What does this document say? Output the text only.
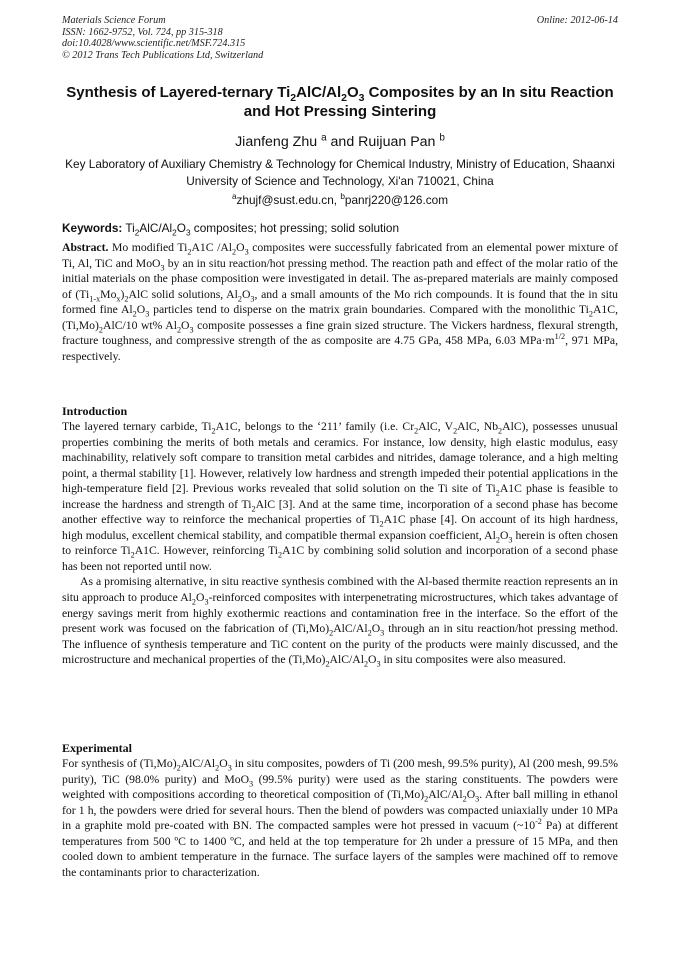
Materials Science Forum
ISSN: 1662-9752, Vol. 724, pp 315-318
doi:10.4028/www.scientific.net/MSF.724.315
© 2012 Trans Tech Publications Ltd, Switzerland
Online: 2012-06-14
Synthesis of Layered-ternary $Ti_2AlC/Al_2O_3$ Composites by an In situ Reaction and Hot Pressing Sintering
Jianfeng Zhu $^a$ and Ruijuan Pan $^b$
Key Laboratory of Auxiliary Chemistry & Technology for Chemical Industry, Ministry of Education, Shaanxi University of Science and Technology, Xi'an 710021, China
$^a$zhujf@sust.edu.cn, $^b$panrj220@126.com
Keywords: $Ti_2AlC/Al_2O_3$ composites; hot pressing; solid solution
Abstract. Mo modified $Ti_2A1C$ $/Al_2O_3$ composites were successfully fabricated from an elemental power mixture of Ti, Al, TiC and MoO$_3$ by an in situ reaction/hot pressing method. The reaction path and effect of the molar ratio of the initial materials on the phase composition were investigated in detail. The as-prepared materials are mainly composed of $(Ti_{1-x}Mo_x)_2AlC$ solid solutions, $Al_2O_3$, and a small amounts of the Mo rich compounds. It is found that the in situ formed fine $Al_2O_3$ particles tend to disperse on the matrix grain boundaries. Compared with the monolithic $Ti_2A1C$, $(Ti,Mo)_2AlC/10$ wt% $Al_2O_3$ composite possesses a fine grain sized structure. The Vickers hardness, flexural strength, fracture toughness, and compressive strength of the as composite are 4.75 GPa, 458 MPa, 6.03 $MPa\cdot m^{1/2}$, 971 MPa, respectively.
Introduction

The layered ternary carbide, $Ti_2A1C$, belongs to the ‘211’ family (i.e. $Cr_2AlC$, $V_2AlC$, $Nb_2AlC$), possesses unusual properties combining the merits of both metals and ceramics. For instance, low density, high elastic modulus, easy machinability, relatively soft compare to transition metal carbides and nitrides, damage tolerance, and a high melting point, a thermal stability [1]. However, relatively low hardness and strength impeded their potential applications in the high-temperature field [2]. Previous works revealed that solid solution on the Ti site of $Ti_2A1C$ phase is feasible to increase the hardness and strength of $Ti_2AlC$ [3]. And at the same time, incorporation of a second phase has become another effective way to reinforce the mechanical properties of $Ti_2A1C$ phase [4]. On account of its high hardness, high modulus, excellent chemical stability, and compatible thermal expansion coefficient, $Al_2O_3$ herein is often chosen to reinforce $Ti_2A1C$. However, reinforcing $Ti_2A1C$ by combining solid solution and incorporation of a second phase has been not reported until now.

As a promising alternative, in situ reactive synthesis combined with the Al-based thermite reaction represents an in situ approach to produce $Al_2O_3$-reinforced composites with interpenetrating microstructures, which takes advantage of energy savings merit from highly exothermic reactions and contamination free in the interface. So the effort of the present work was focused on the fabrication of $(Ti,Mo)_2AlC/Al_2O_3$ through an in situ reaction/hot pressing method. The influence of synthesis temperature and TiC content on the purity of the products were mainly discussed, and the microstructure and mechanical properties of the $(Ti,Mo)_2AlC/Al_2O_3$ in situ composites were also measured.

Experimental

For synthesis of $(Ti,Mo)_2AlC/Al_2O_3$ in situ composites, powders of Ti (200 mesh, 99.5% purity), Al (200 mesh, 99.5% purity), TiC (98.0% purity) and MoO$_3$ (99.5% purity) were used as the staring constituents. The powders were weighted with compositions according to theoretical composition of $(Ti,Mo)_2AlC/Al_2O_3$. After ball milling in ethanol for 1 h, the powders were dried for several hours. Then the blend of powders was compacted uniaxially under 10 MPa in a graphite mold pre-coated with BN. The compacted samples were hot pressed in vacuum ($\sim 10^{-2}$ Pa) at different temperatures from 500 ºC to 1400 ºC, and held at the top temperature for 2h under a pressure of 15 MPa, and then cooled down to ambient temperature in the furnace. The surface layers of the samples were machined off to remove the contaminants prior to characterization.
